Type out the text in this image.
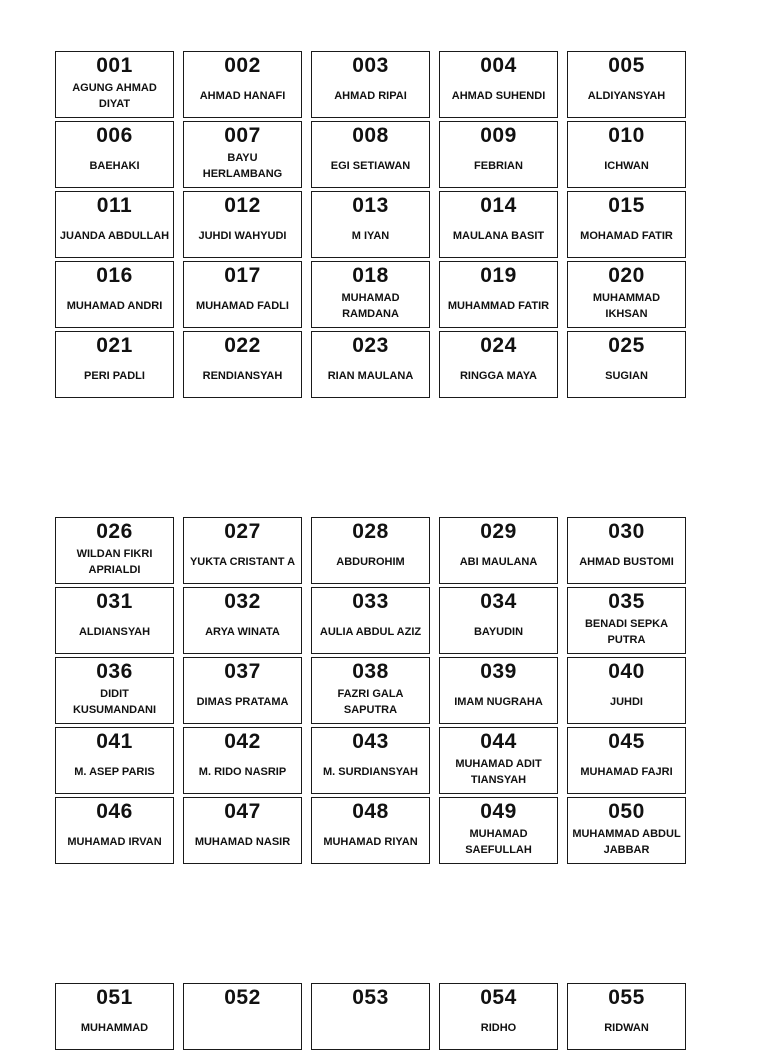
001
AGUNG AHMAD DIYAT
002
AHMAD HANAFI
003
AHMAD RIPAI
004
AHMAD SUHENDI
005
ALDIYANSYAH
006
BAEHAKI
007
BAYU HERLAMBANG
008
EGI SETIAWAN
009
FEBRIAN
010
ICHWAN
011
JUANDA ABDULLAH
012
JUHDI WAHYUDI
013
M IYAN
014
MAULANA BASIT
015
MOHAMAD FATIR
016
MUHAMAD ANDRI
017
MUHAMAD FADLI
018
MUHAMAD RAMDANA
019
MUHAMMAD FATIR
020
MUHAMMAD IKHSAN
021
PERI PADLI
022
RENDIANSYAH
023
RIAN MAULANA
024
RINGGA MAYA
025
SUGIAN
026
WILDAN FIKRI APRIALDI
027
YUKTA CRISTANT A
028
ABDUROHIM
029
ABI MAULANA
030
AHMAD BUSTOMI
031
ALDIANSYAH
032
ARYA WINATA
033
AULIA ABDUL AZIZ
034
BAYUDIN
035
BENADI SEPKA PUTRA
036
DIDIT KUSUMANDANI
037
DIMAS PRATAMA
038
FAZRI GALA SAPUTRA
039
IMAM NUGRAHA
040
JUHDI
041
M. ASEP PARIS
042
M. RIDO NASRIP
043
M. SURDIANSYAH
044
MUHAMAD ADIT TIANSYAH
045
MUHAMAD FAJRI
046
MUHAMAD IRVAN
047
MUHAMAD NASIR
048
MUHAMAD RIYAN
049
MUHAMAD SAEFULLAH
050
MUHAMMAD ABDUL JABBAR
051
MUHAMMAD
052	053	054
RIDHO
055
RIDWAN
